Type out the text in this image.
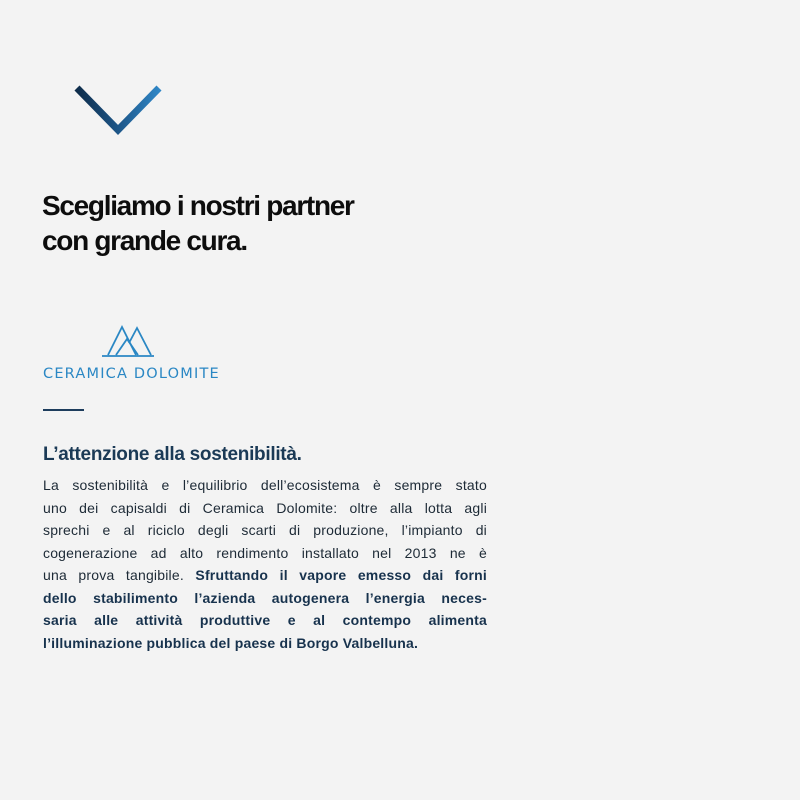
Scegliamo i nostri partner
con grande cura.
CERAMICA DOLOMITE
L’attenzione alla sostenibilità.

La sostenibilità e l’equilibrio dell’ecosistema è sempre stato
uno dei capisaldi di Ceramica Dolomite: oltre alla lotta agli
sprechi e al riciclo degli scarti di produzione, l’impianto di
cogenerazione ad alto rendimento installato nel 2013 ne è
una prova tangibile. Sfruttando il vapore emesso dai forni
dello stabilimento l’azienda autogenera l’energia neces-
saria alle attività produttive e al contempo alimenta
l’illuminazione pubblica del paese di Borgo Valbelluna.
